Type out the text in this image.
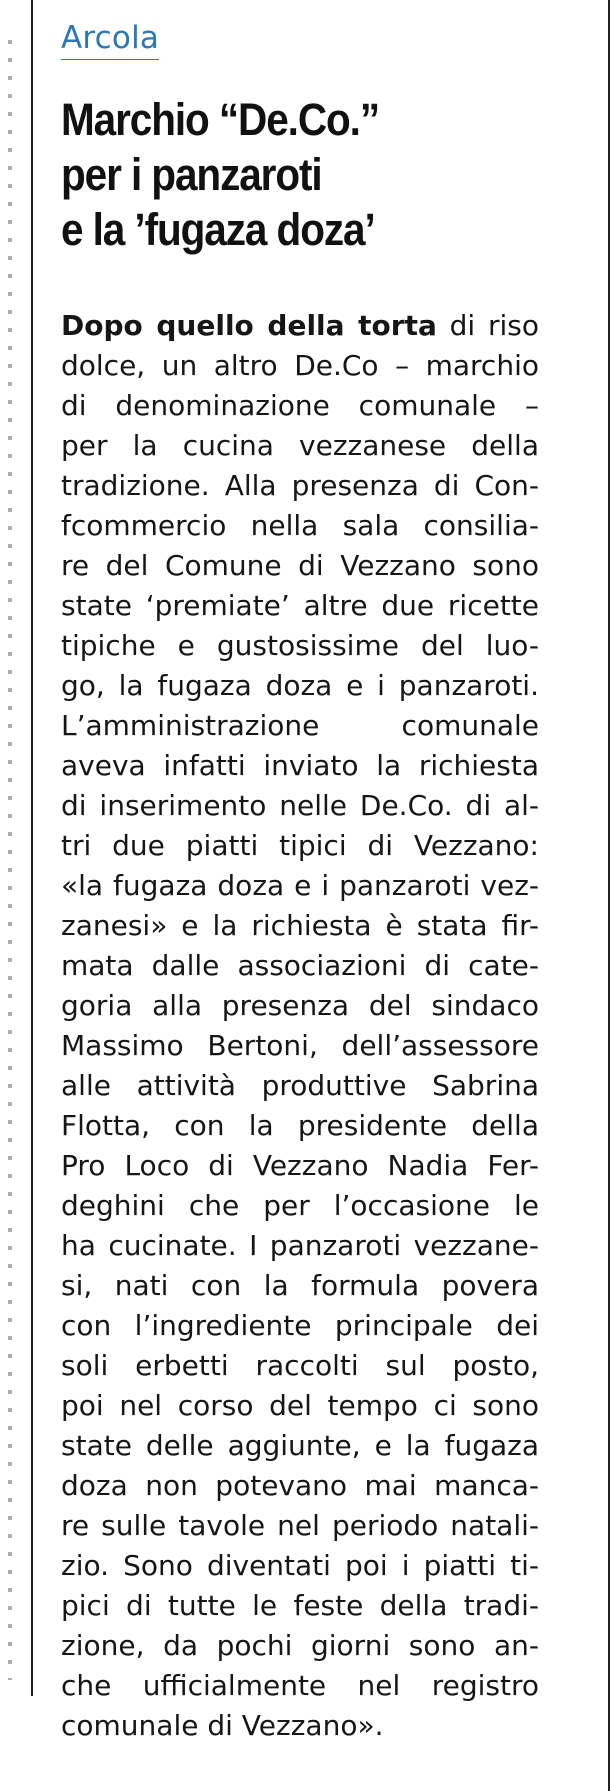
Arcola
Marchio “De.Co.”
per i panzaroti
e la ’fugaza doza’
Dopo quello della torta di riso
dolce, un altro De.Co – marchio
di denominazione comunale –
per la cucina vezzanese della
tradizione. Alla presenza di Con-
fcommercio nella sala consilia-
re del Comune di Vezzano sono
state ‘premiate’ altre due ricette
tipiche e gustosissime del luo-
go, la fugaza doza e i panzaroti.
L’amministrazione comunale
aveva infatti inviato la richiesta
di inserimento nelle De.Co. di al-
tri due piatti tipici di Vezzano:
«la fugaza doza e i panzaroti vez-
zanesi» e la richiesta è stata fir-
mata dalle associazioni di cate-
goria alla presenza del sindaco
Massimo Bertoni, dell’assessore
alle attività produttive Sabrina
Flotta, con la presidente della
Pro Loco di Vezzano Nadia Fer-
deghini che per l’occasione le
ha cucinate. I panzaroti vezzane-
si, nati con la formula povera
con l’ingrediente principale dei
soli erbetti raccolti sul posto,
poi nel corso del tempo ci sono
state delle aggiunte, e la fugaza
doza non potevano mai manca-
re sulle tavole nel periodo natali-
zio. Sono diventati poi i piatti ti-
pici di tutte le feste della tradi-
zione, da pochi giorni sono an-
che ufficialmente nel registro
comunale di Vezzano».
